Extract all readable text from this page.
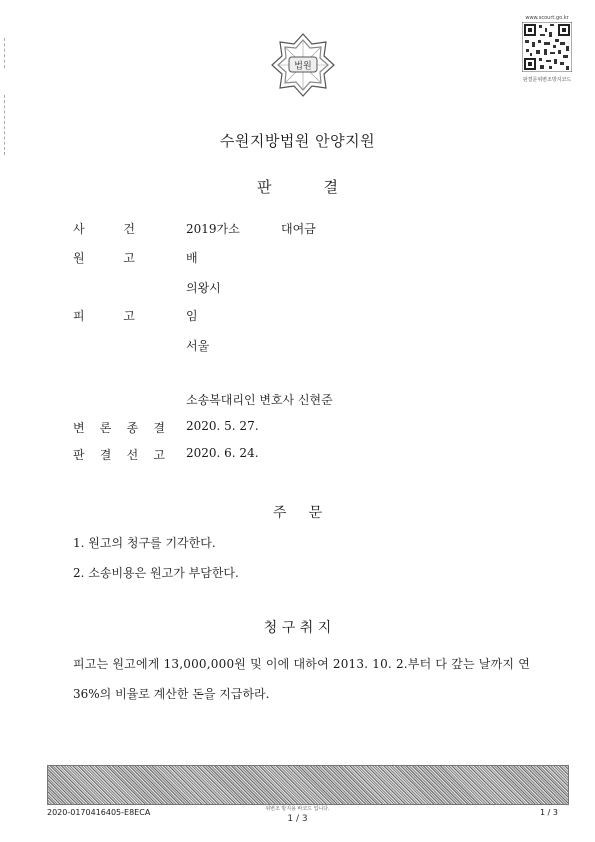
법원
www.scourt.go.kr
판결문위변조방지코드
수원지방법원 안양지원
판결
사	건	2019가소	대여금
원	고	배
의왕시
피	고	임
서울
소송복대리인 변호사 신현준
변 론 종 결 2020. 5. 27.
판 결 선 고 2020. 6. 24.
주     문
1. 원고의 청구를 기각한다.
2. 소송비용은 원고가 부담한다.
청 구 취 지
피고는 원고에게 13,000,000원 및 이에 대하여 2013. 10. 2.부터 다 갚는 날까지 연
36%의 비율로 계산한 돈을 지급하라.
2020-0170416405-E8ECA	위변조 방지용 바코드 입니다.
1 / 3
1 / 3
